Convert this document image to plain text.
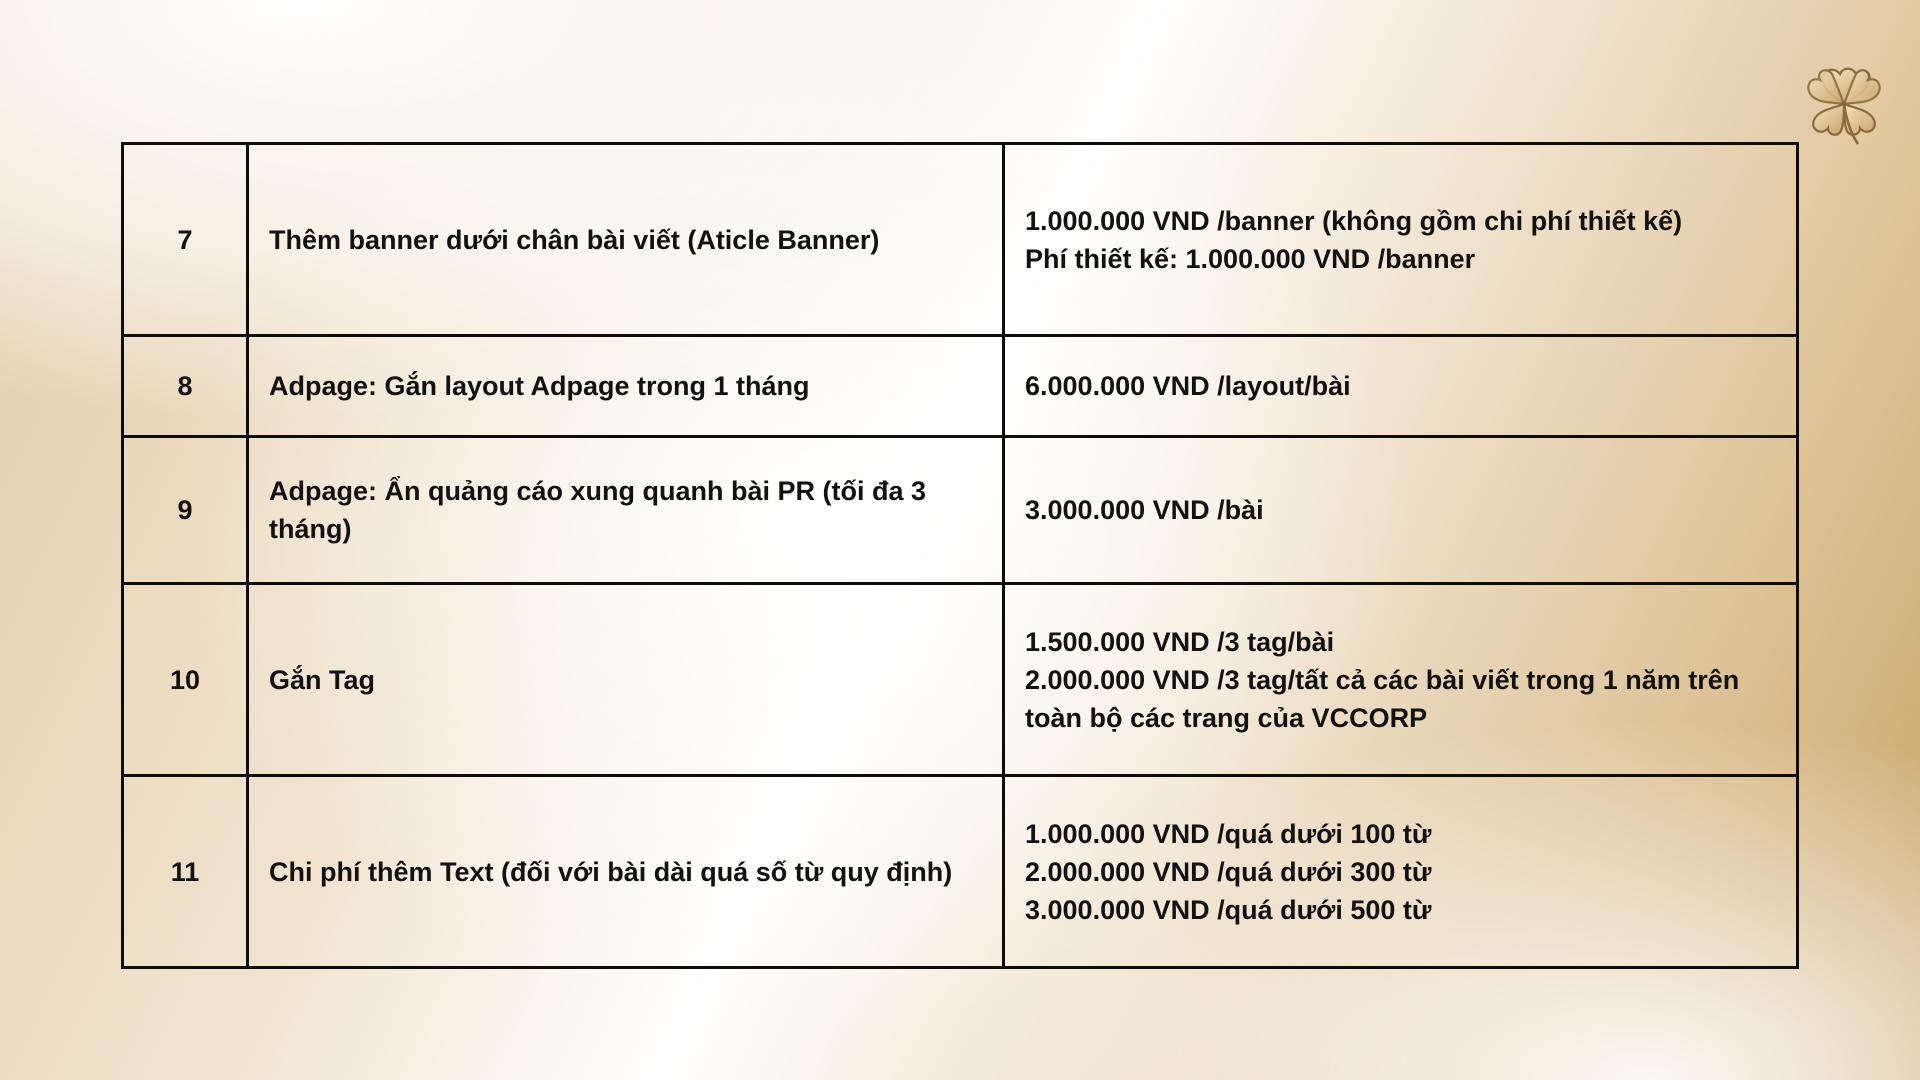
7	Thêm banner dưới chân bài viết (Aticle Banner)	1.000.000 VND /banner (không gồm chi phí thiết kế)
Phí thiết kế: 1.000.000 VND /banner

8	Adpage: Gắn layout Adpage trong 1 tháng	6.000.000 VND /layout/bài

9	Adpage: Ẩn quảng cáo xung quanh bài PR (tối đa 3 tháng)	3.000.000 VND /bài

10	Gắn Tag	1.500.000 VND /3 tag/bài
2.000.000 VND /3 tag/tất cả các bài viết trong 1 năm trên toàn bộ các trang của VCCORP

11	Chi phí thêm Text (đối với bài dài quá số từ quy định)	1.000.000 VND /quá dưới 100 từ
2.000.000 VND /quá dưới 300 từ
3.000.000 VND /quá dưới 500 từ
